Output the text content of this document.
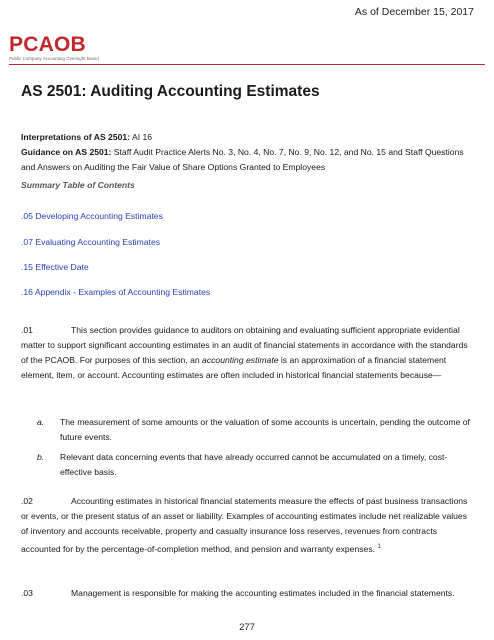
As of December 15, 2017
PCAOB
Public Company Accounting Oversight Board
AS 2501: Auditing Accounting Estimates
Interpretations of AS 2501: AI 16
Guidance on AS 2501: Staff Audit Practice Alerts No. 3, No. 4, No. 7, No. 9, No. 12, and No. 15 and Staff Questions and Answers on Auditing the Fair Value of Share Options Granted to Employees
Summary Table of Contents
.05 Developing Accounting Estimates
.07 Evaluating Accounting Estimates
.15 Effective Date
.16 Appendix - Examples of Accounting Estimates
.01	This section provides guidance to auditors on obtaining and evaluating sufficient appropriate evidential matter to support significant accounting estimates in an audit of financial statements in accordance with the standards of the PCAOB. For purposes of this section, an accounting estimate is an approximation of a financial statement element, item, or account. Accounting estimates are often included in historical financial statements because—
a. The measurement of some amounts or the valuation of some accounts is uncertain, pending the outcome of future events.
b. Relevant data concerning events that have already occurred cannot be accumulated on a timely, cost-effective basis.
.02	Accounting estimates in historical financial statements measure the effects of past business transactions or events, or the present status of an asset or liability. Examples of accounting estimates include net realizable values of inventory and accounts receivable, property and casualty insurance loss reserves, revenues from contracts accounted for by the percentage-of-completion method, and pension and warranty expenses. $^1$
.03	Management is responsible for making the accounting estimates included in the financial statements.
277
